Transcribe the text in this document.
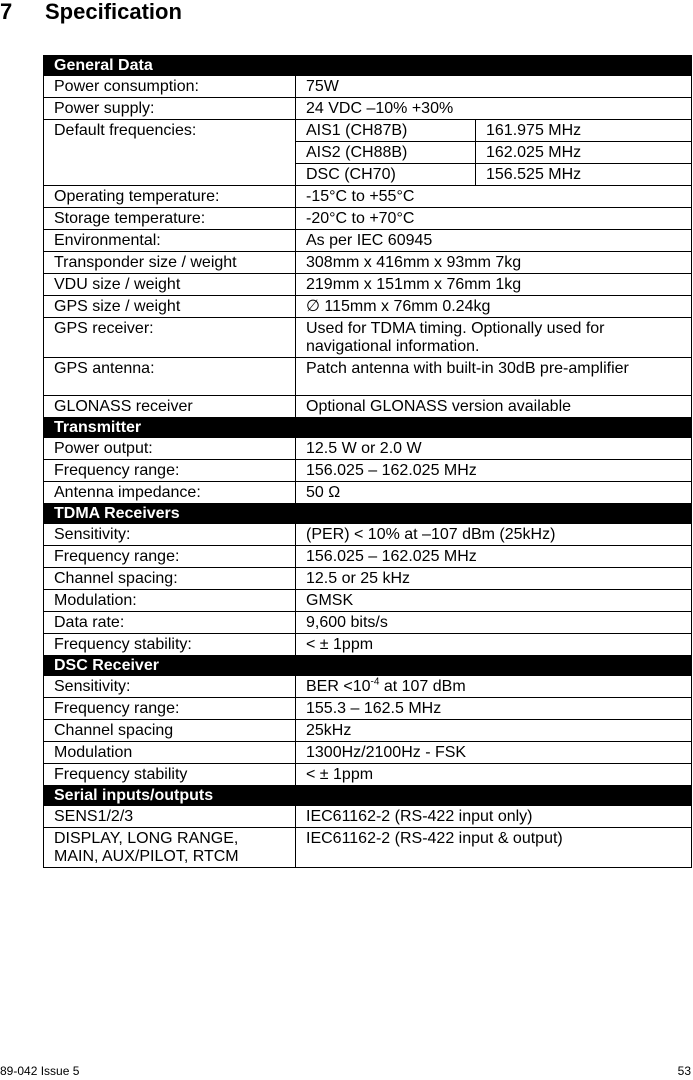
7 Specification
General Data		
Power consumption:	75W	
Power supply:	24 VDC –10% +30%	
Default frequencies:	AIS1 (CH87B)	161.975 MHz
	AIS2 (CH88B)	162.025 MHz
	DSC (CH70)	156.525 MHz
Operating temperature:	-15°C to +55°C	
Storage temperature:	-20°C to +70°C	
Environmental:	As per IEC 60945	
Transponder size / weight	308mm x 416mm x 93mm 7kg	
VDU size / weight	219mm x 151mm x 76mm 1kg	
GPS size / weight	∅ 115mm x 76mm 0.24kg	
GPS receiver:	Used for TDMA timing. Optionally used for navigational information.	
GPS antenna:	Patch antenna with built-in 30dB pre-amplifier	
GLONASS receiver	Optional GLONASS version available	
Transmitter		
Power output:	12.5 W or 2.0 W	
Frequency range:	156.025 – 162.025 MHz	
Antenna impedance:	50 Ω	
TDMA Receivers		
Sensitivity:	(PER) < 10% at –107 dBm (25kHz)	
Frequency range:	156.025 – 162.025 MHz	
Channel spacing:	12.5 or 25 kHz	
Modulation:	GMSK	
Data rate:	9,600 bits/s	
Frequency stability:	< ± 1ppm	
DSC Receiver		
Sensitivity:	BER $<10^{-4}$ at 107 dBm	
Frequency range:	155.3 – 162.5 MHz	
Channel spacing	25kHz	
Modulation	1300Hz/2100Hz - FSK	
Frequency stability	< ± 1ppm	
Serial inputs/outputs		
SENS1/2/3	IEC61162-2 (RS-422 input only)	
DISPLAY, LONG RANGE, MAIN, AUX/PILOT, RTCM	IEC61162-2 (RS-422 input & output)	
89-042 Issue 5	53
